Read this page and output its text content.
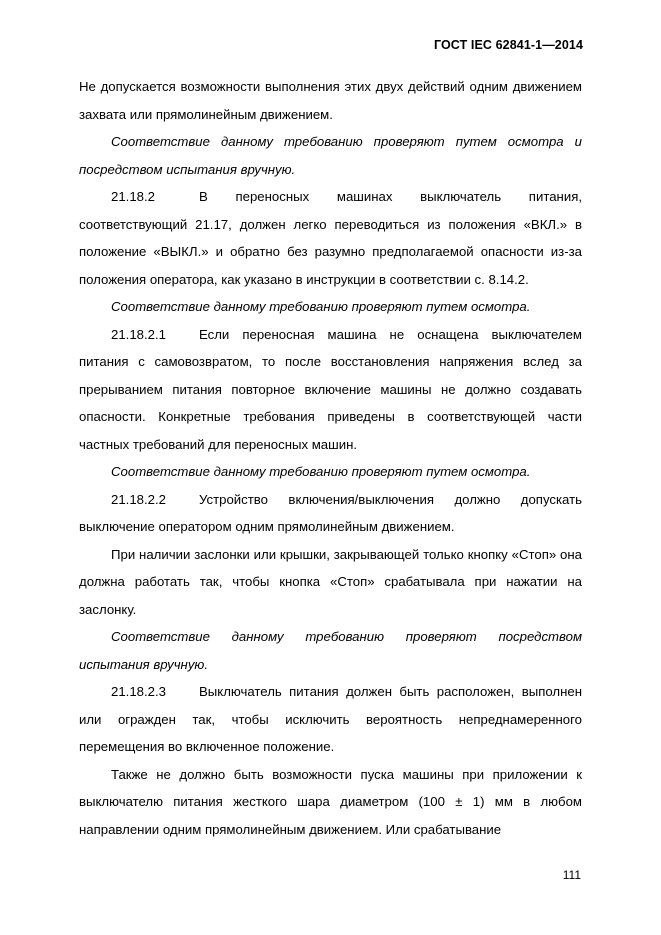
ГОСТ IEC 62841-1—2014

Не допускается возможности выполнения этих двух действий одним движением захвата или прямолинейным движением.

Соответствие данному требованию проверяют путем осмотра и посредством испытания вручную.

21.18.2	В переносных машинах выключатель питания, соответствующий 21.17, должен легко переводиться из положения «ВКЛ.» в положение «ВЫКЛ.» и обратно без разумно предполагаемой опасности из-за положения оператора, как указано в инструкции в соответствии с. 8.14.2.

Соответствие данному требованию проверяют путем осмотра.

21.18.2.1	Если переносная машина не оснащена выключателем питания с самовозвратом, то после восстановления напряжения вслед за прерыванием питания повторное включение машины не должно создавать опасности. Конкретные требования приведены в соответствующей части частных требований для переносных машин.

Соответствие данному требованию проверяют путем осмотра.

21.18.2.2	Устройство включения/выключения должно допускать выключение оператором одним прямолинейным движением.

При наличии заслонки или крышки, закрывающей только кнопку «Стоп» она должна работать так, чтобы кнопка «Стоп» срабатывала при нажатии на заслонку.

Соответствие данному требованию проверяют посредством испытания вручную.

21.18.2.3	Выключатель питания должен быть расположен, выполнен или огражден так, чтобы исключить вероятность непреднамеренного перемещения во включенное положение.

Также не должно быть возможности пуска машины при приложении к выключателю питания жесткого шара диаметром (100 ± 1) мм в любом направлении одним прямолинейным движением. Или срабатывание

111
